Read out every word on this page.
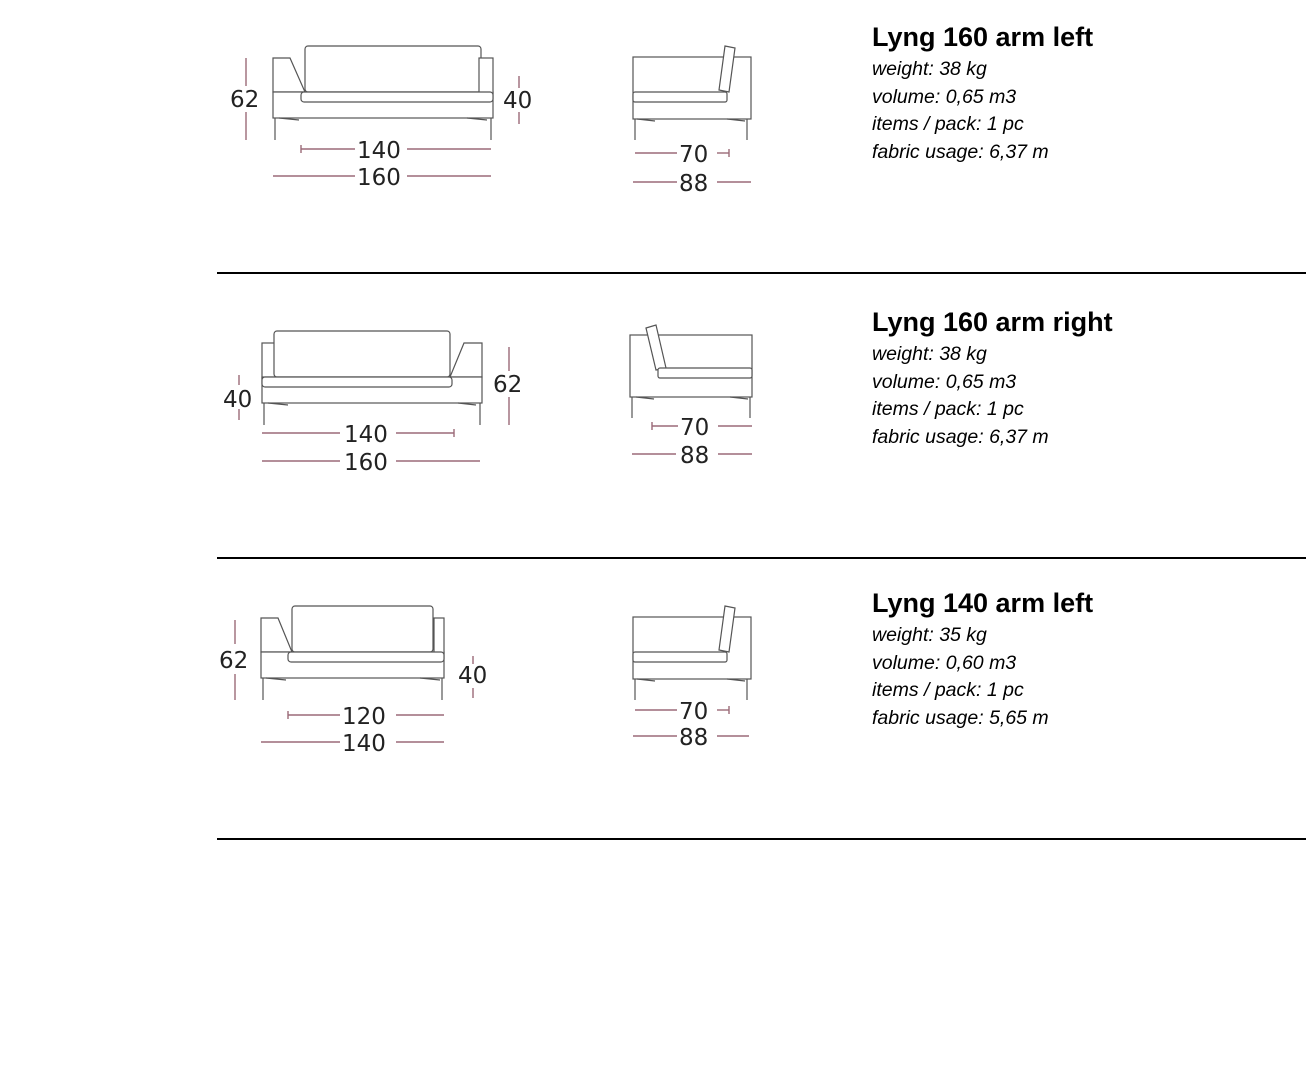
62	40
140
160
70
88
Lyng 160 arm left
weight: 38 kg
volume: 0,65 m3
items / pack: 1 pc
fabric usage: 6,37 m
40
62
140
160
70
88
Lyng 160 arm right
weight: 38 kg
volume: 0,65 m3
items / pack: 1 pc
fabric usage: 6,37 m
62
40
120
140
70
88
Lyng 140 arm left
weight: 35 kg
volume: 0,60 m3
items / pack: 1 pc
fabric usage: 5,65 m
